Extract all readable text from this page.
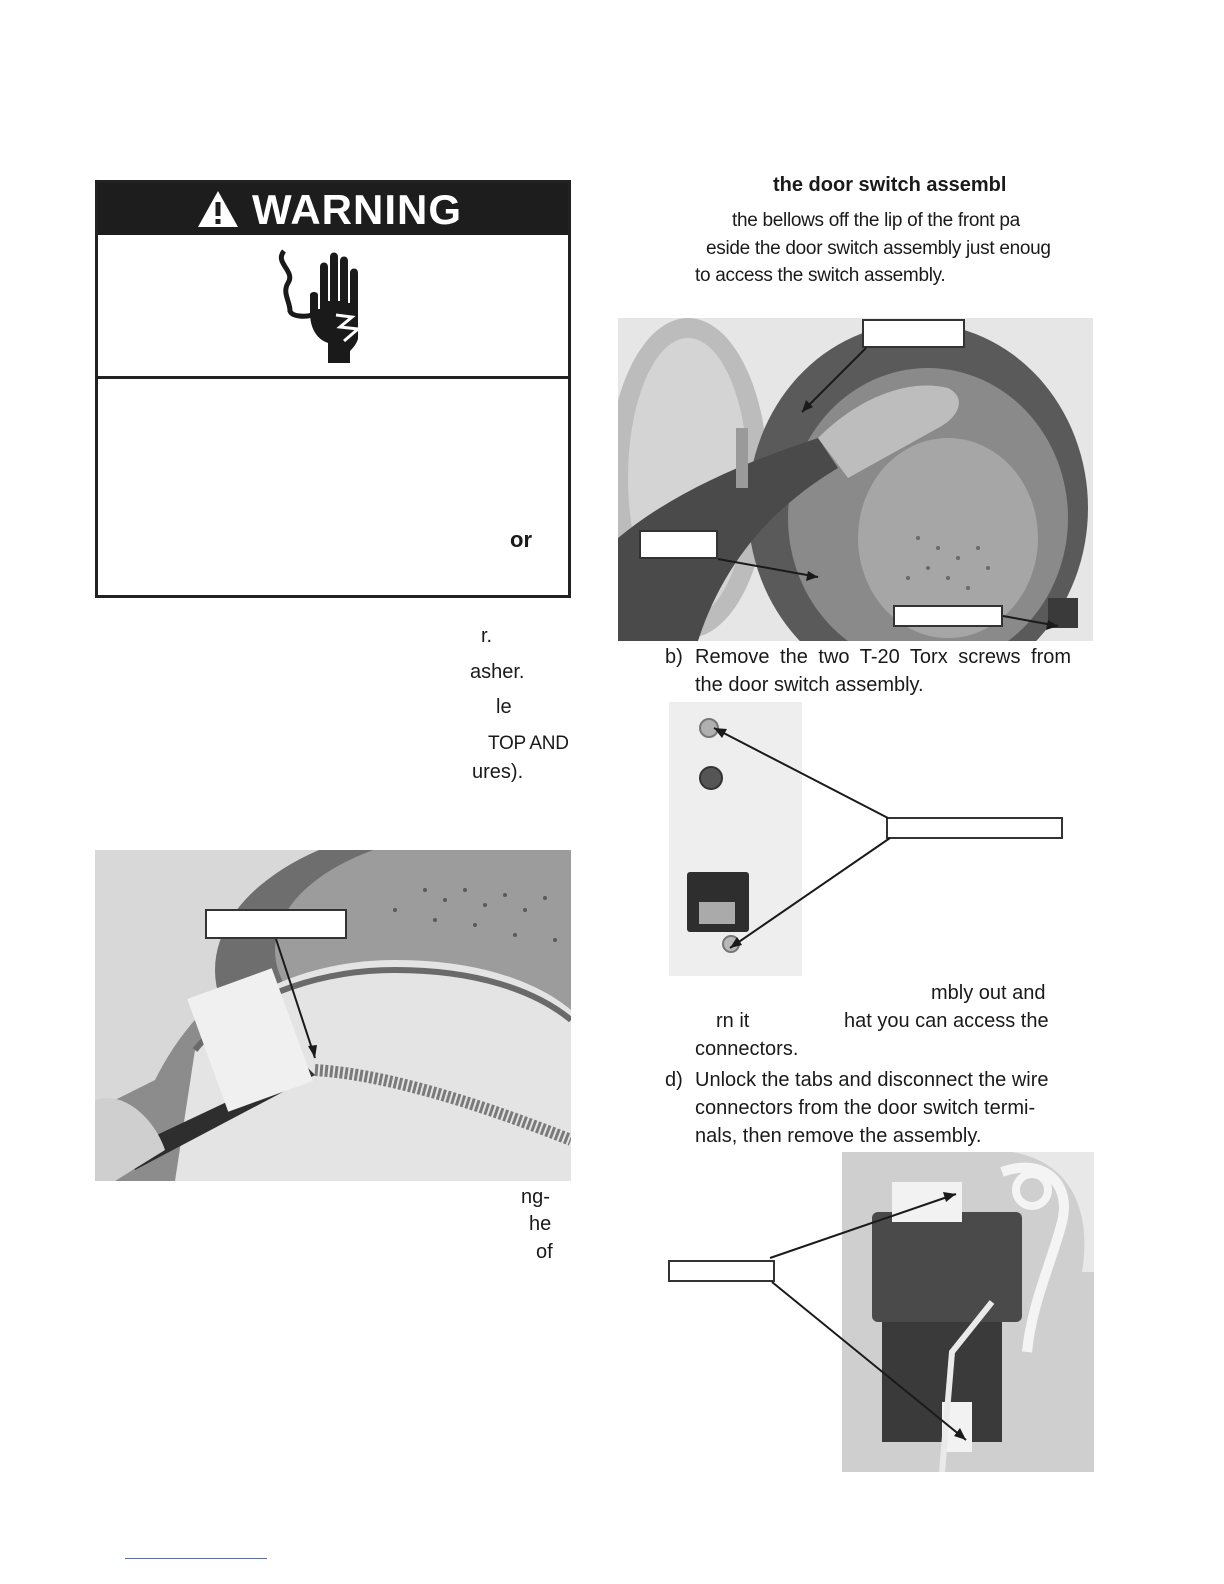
WARNING
or
r.
asher.
le
TOP AND
ures).
ng-
he
of
the door switch assembl
the bellows off the lip of the front pa
eside the door switch assembly just enoug
to access the switch assembly.
b) Remove the two T-20 Torx screws from
the door switch assembly.
mbly out and
rn it	hat you can access the
connectors.
d) Unlock the tabs and disconnect the wire
connectors from the door switch termi-
nals, then remove the assembly.
